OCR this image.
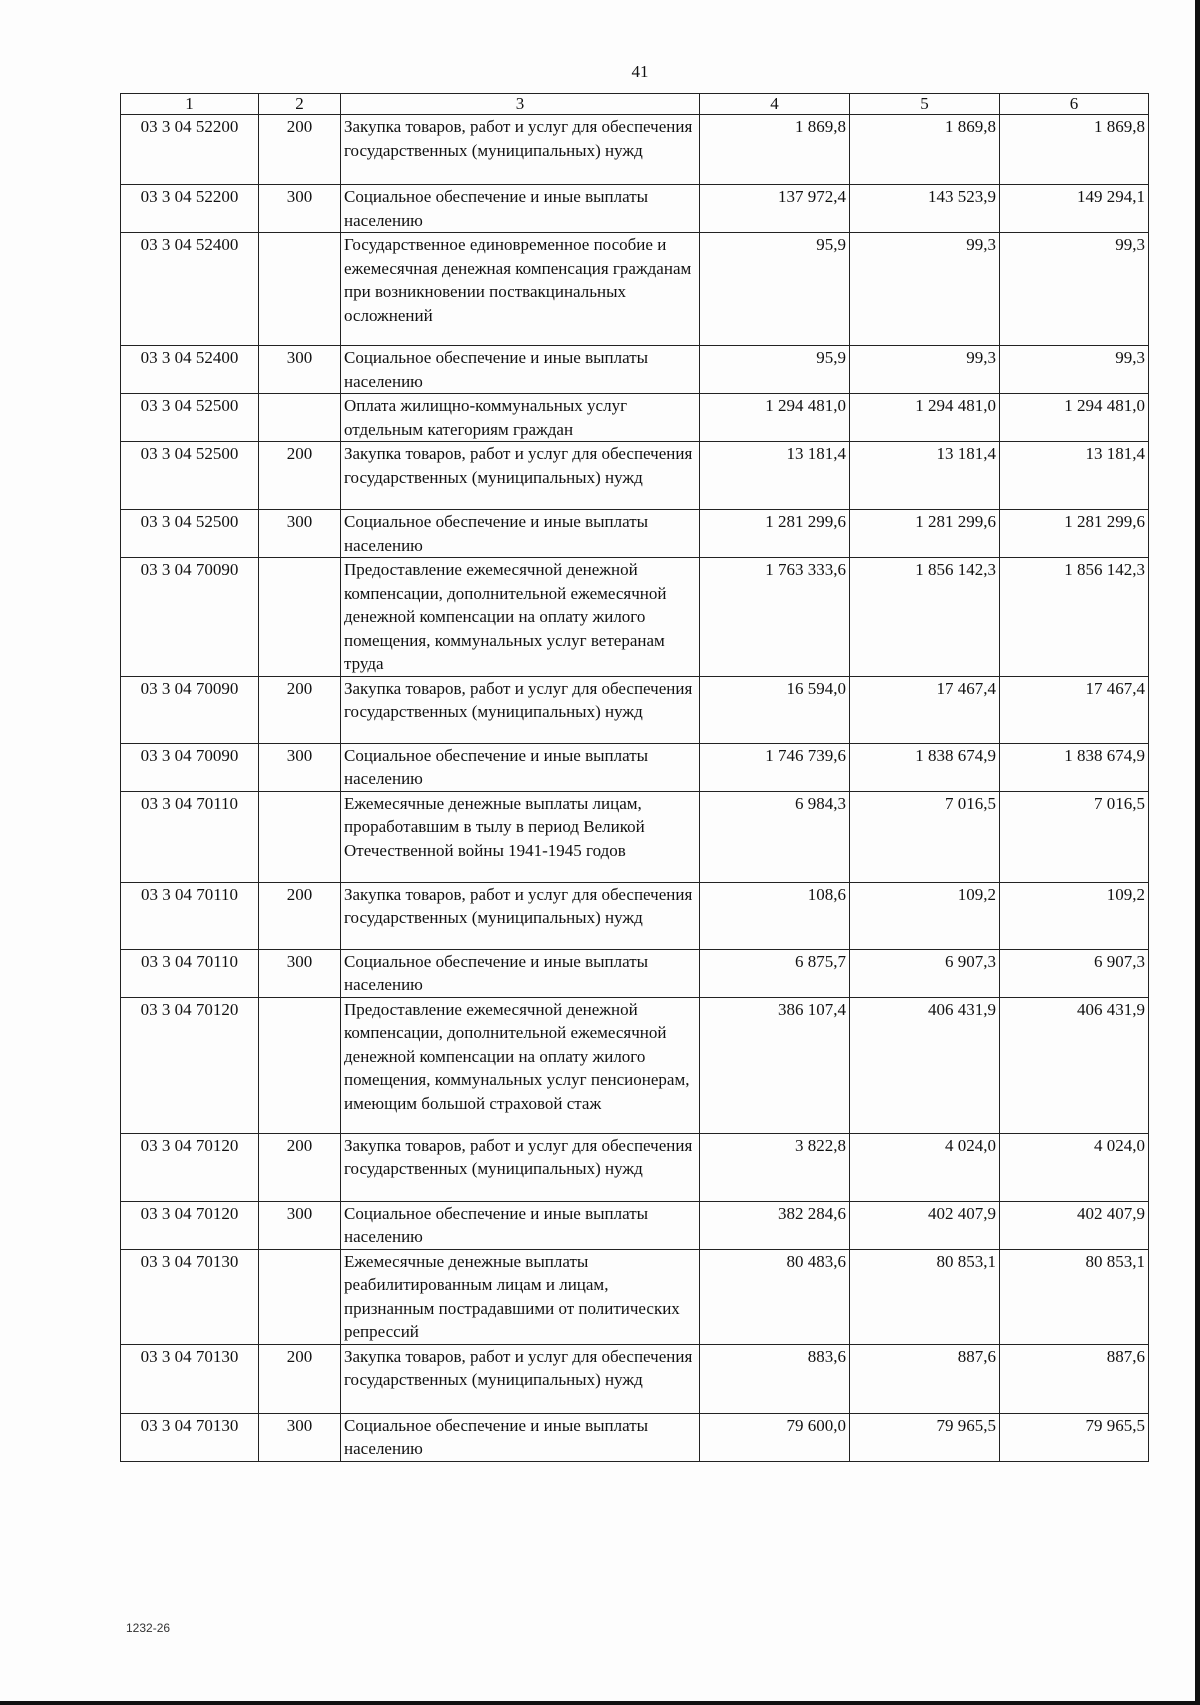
41
1	2	3	4	5	6
03 3 04 52200	200	Закупка товаров, работ и услуг для обеспечения государственных (муниципальных) нужд	1 869,8	1 869,8	1 869,8
03 3 04 52200	300	Социальное обеспечение и иные выплаты населению	137 972,4	143 523,9	149 294,1
03 3 04 52400		Государственное единовременное пособие и ежемесячная денежная компенсация гражданам при возникновении поствакцинальных осложнений	95,9	99,3	99,3
03 3 04 52400	300	Социальное обеспечение и иные выплаты населению	95,9	99,3	99,3
03 3 04 52500		Оплата жилищно-коммунальных услуг отдельным категориям граждан	1 294 481,0	1 294 481,0	1 294 481,0
03 3 04 52500	200	Закупка товаров, работ и услуг для обеспечения государственных (муниципальных) нужд	13 181,4	13 181,4	13 181,4
03 3 04 52500	300	Социальное обеспечение и иные выплаты населению	1 281 299,6	1 281 299,6	1 281 299,6
03 3 04 70090		Предоставление ежемесячной денежной компенсации, дополнительной ежемесячной денежной компенсации на оплату жилого помещения, коммунальных услуг ветеранам труда	1 763 333,6	1 856 142,3	1 856 142,3
03 3 04 70090	200	Закупка товаров, работ и услуг для обеспечения государственных (муниципальных) нужд	16 594,0	17 467,4	17 467,4
03 3 04 70090	300	Социальное обеспечение и иные выплаты населению	1 746 739,6	1 838 674,9	1 838 674,9
03 3 04 70110		Ежемесячные денежные выплаты лицам, проработавшим в тылу в период Великой Отечественной войны 1941-1945 годов	6 984,3	7 016,5	7 016,5
03 3 04 70110	200	Закупка товаров, работ и услуг для обеспечения государственных (муниципальных) нужд	108,6	109,2	109,2
03 3 04 70110	300	Социальное обеспечение и иные выплаты населению	6 875,7	6 907,3	6 907,3
03 3 04 70120		Предоставление ежемесячной денежной компенсации, дополнительной ежемесячной денежной компенсации на оплату жилого помещения, коммунальных услуг пенсионерам, имеющим большой страховой стаж	386 107,4	406 431,9	406 431,9
03 3 04 70120	200	Закупка товаров, работ и услуг для обеспечения государственных (муниципальных) нужд	3 822,8	4 024,0	4 024,0
03 3 04 70120	300	Социальное обеспечение и иные выплаты населению	382 284,6	402 407,9	402 407,9
03 3 04 70130		Ежемесячные денежные выплаты реабилитированным лицам и лицам, признанным пострадавшими от политических репрессий	80 483,6	80 853,1	80 853,1
03 3 04 70130	200	Закупка товаров, работ и услуг для обеспечения государственных (муниципальных) нужд	883,6	887,6	887,6
03 3 04 70130	300	Социальное обеспечение и иные выплаты населению	79 600,0	79 965,5	79 965,5
1232-26
